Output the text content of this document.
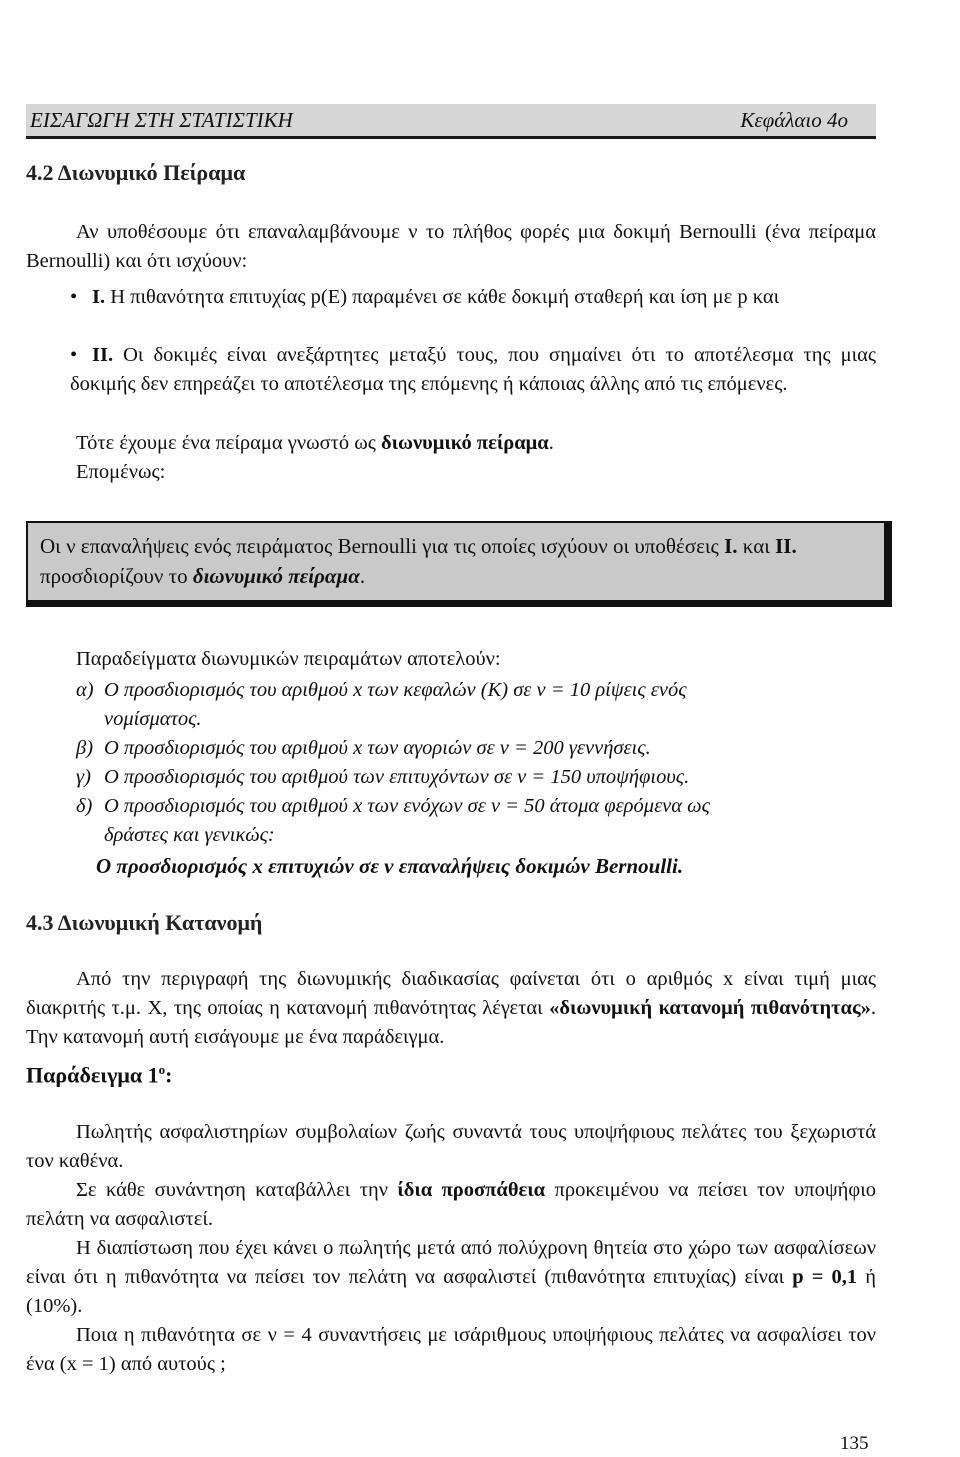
ΕΙΣΑΓΩΓΗ ΣΤΗ ΣΤΑΤΙΣΤΙΚΗ	Κεφάλαιο 4ο
4.2 Διωνυμικό Πείραμα

Αν υποθέσουμε ότι επαναλαμβάνουμε ν το πλήθος φορές μια δοκιμή Bernoulli (ένα πείραμα Bernoulli) και ότι ισχύουν:

• I. Η πιθανότητα επιτυχίας p(E) παραμένει σε κάθε δοκιμή σταθερή και ίση με p και

• II. Οι δοκιμές είναι ανεξάρτητες μεταξύ τους, που σημαίνει ότι το αποτέλεσμα της μιας δοκιμής δεν επηρεάζει το αποτέλεσμα της επόμενης ή κάποιας άλλης από τις επόμενες.

Τότε έχουμε ένα πείραμα γνωστό ως διωνυμικό πείραμα.

Επομένως:

Οι ν επαναλήψεις ενός πειράματος Bernoulli για τις οποίες ισχύουν οι υποθέσεις I. και II. προσδιορίζουν το διωνυμικό πείραμα.

Παραδείγματα διωνυμικών πειραμάτων αποτελούν:

α) Ο προσδιορισμός του αριθμού x των κεφαλών (Κ) σε ν = 10 ρίψεις ενός
νομίσματος.

β) Ο προσδιορισμός του αριθμού x των αγοριών σε ν = 200 γεννήσεις.

γ) Ο προσδιορισμός του αριθμού των επιτυχόντων σε ν = 150 υποψήφιους.

δ) Ο προσδιορισμός του αριθμού x των ενόχων σε ν = 50 άτομα φερόμενα ως
δράστες και γενικώς:

Ο προσδιορισμός x επιτυχιών σε ν επαναλήψεις δοκιμών Bernoulli.

4.3 Διωνυμική Κατανομή

Από την περιγραφή της διωνυμικής διαδικασίας φαίνεται ότι ο αριθμός x είναι τιμή μιας διακριτής τ.μ. Χ, της οποίας η κατανομή πιθανότητας λέγεται «διωνυμική κατανομή πιθανότητας». Την κατανομή αυτή εισάγουμε με ένα παράδειγμα.

Παράδειγμα $1^o$:

Πωλητής ασφαλιστηρίων συμβολαίων ζωής συναντά τους υποψήφιους πελάτες του ξεχωριστά τον καθένα.

Σε κάθε συνάντηση καταβάλλει την ίδια προσπάθεια προκειμένου να πείσει τον υποψήφιο πελάτη να ασφαλιστεί.

Η διαπίστωση που έχει κάνει ο πωλητής μετά από πολύχρονη θητεία στο χώρο των ασφαλίσεων είναι ότι η πιθανότητα να πείσει τον πελάτη να ασφαλιστεί (πιθανότητα επιτυχίας) είναι p = 0,1 ή (10%).

Ποια η πιθανότητα σε ν = 4 συναντήσεις με ισάριθμους υποψήφιους πελάτες να ασφαλίσει τον ένα (x = 1) από αυτούς ;

135
